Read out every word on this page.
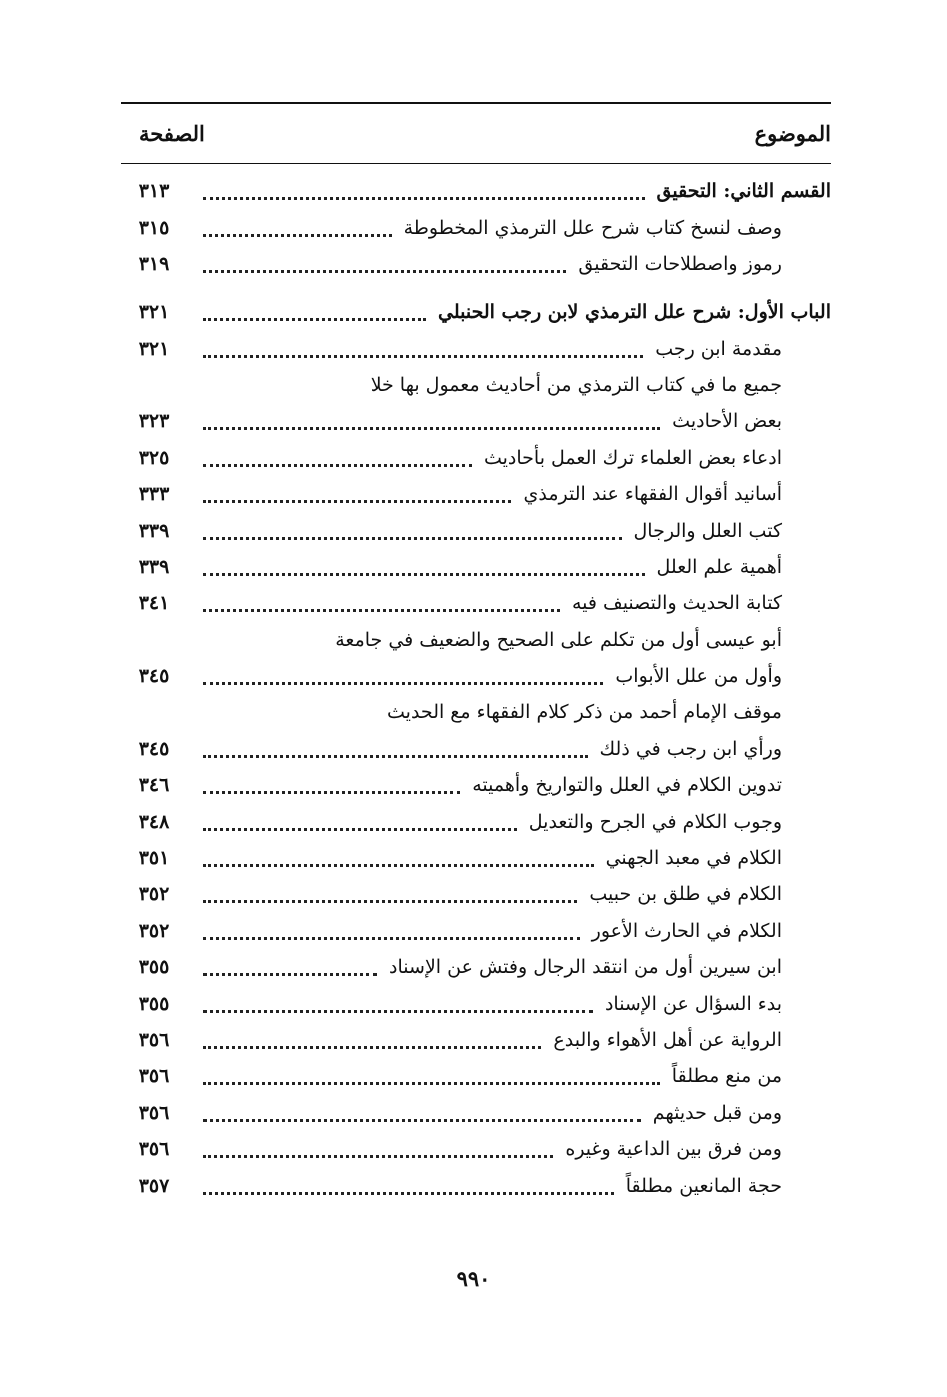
الموضوع
الصفحة
القسم الثاني: التحقيق
٣١٣
وصف لنسخ كتاب شرح علل الترمذي المخطوطة
٣١٥
رموز واصطلاحات التحقيق
٣١٩
الباب الأول: شرح علل الترمذي لابن رجب الحنبلي
٣٢١
مقدمة ابن رجب
٣٢١
جميع ما في كتاب الترمذي من أحاديث معمول بها خلا
بعض الأحاديث
٣٢٣
ادعاء بعض العلماء ترك العمل بأحاديث
٣٢٥
أسانيد أقوال الفقهاء عند الترمذي
٣٣٣
كتب العلل والرجال
٣٣٩
أهمية علم العلل
٣٣٩
كتابة الحديث والتصنيف فيه
٣٤١
أبو عيسى أول من تكلم على الصحيح والضعيف في جامعة
وأول من علل الأبواب
٣٤٥
موقف الإمام أحمد من ذكر كلام الفقهاء مع الحديث
ورأي ابن رجب في ذلك
٣٤٥
تدوين الكلام في العلل والتواريخ وأهميته
٣٤٦
وجوب الكلام في الجرح والتعديل
٣٤٨
الكلام في معبد الجهني
٣٥١
الكلام في طلق بن حبيب
٣٥٢
الكلام في الحارث الأعور
٣٥٢
ابن سيرين أول من انتقد الرجال وفتش عن الإسناد
٣٥٥
بدء السؤال عن الإسناد
٣٥٥
الرواية عن أهل الأهواء والبدع
٣٥٦
من منع مطلقاً
٣٥٦
ومن قبل حديثهم
٣٥٦
ومن فرق بين الداعية وغيره
٣٥٦
حجة المانعين مطلقاً
٣٥٧
٩٩٠
